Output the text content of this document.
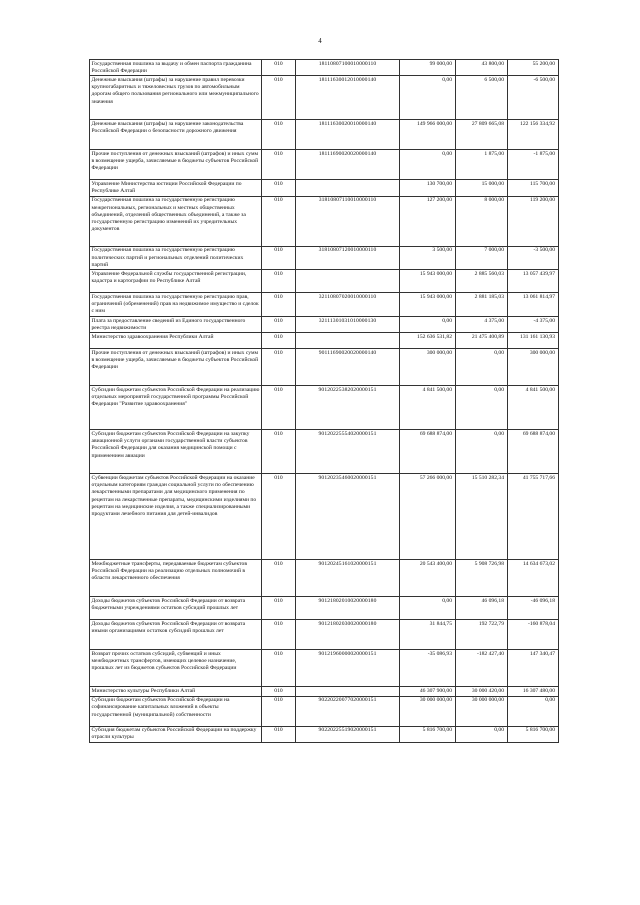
4
Государственная пошлина за выдачу и обмен паспорта гражданина Российской Федерации	010	18110807100010000110	99 000,00	43 800,00	55 200,00
Денежные взыскания (штрафы) за нарушение правил перевозки крупногабаритных и тяжеловесных грузов по автомобильным дорогам общего пользования регионального или межмуниципального значения	010	18111630012010000140	0,00	6 500,00	-6 500,00
Денежные взыскания (штрафы) за нарушение законодательства Российской Федерации о безопасности дорожного движения	010	18111630020010000140	149 966 000,00	27 809 665,08	122 156 334,92
Прочие поступления от денежных взысканий (штрафов) и иных сумм в возмещение ущерба, зачисляемые в бюджеты субъектов Российской Федерации	010	18111690020020000140	0,00	1 875,00	-1 875,00
Управление Министерства юстиции Российской Федерации по Республике Алтай	010		130 700,00	15 000,00	115 700,00
Государственная пошлина за государственную регистрацию межрегиональных, региональных и местных общественных объединений, отделений общественных объединений, а также за государственную регистрацию изменений их учредительных документов	010	31810807110010000110	127 200,00	8 000,00	119 200,00
Государственная пошлина за государственную регистрацию политических партий и региональных отделений политических партий	010	31810807120010000110	3 500,00	7 000,00	-3 500,00
Управление Федеральной службы государственной регистрации, кадастра и картографии по Республике Алтай	010		15 943 000,00	2 885 560,03	13 057 439,97
Государственная пошлина за государственную регистрацию прав, ограничений (обременений) прав на недвижимое имущество и сделок с ним	010	32110807020010000110	15 943 000,00	2 881 185,03	13 061 814,97
Плата за предоставление сведений из Единого государственного реестра недвижимости	010	32111301031010000130	0,00	4 375,00	-4 375,00
Министерство здравоохранения Республики Алтай	010		152 636 531,82	21 475 400,89	131 161 130,93
Прочие поступления от денежных взысканий (штрафов) и иных сумм в возмещение ущерба, зачисляемые в бюджеты субъектов Российской Федерации	010	90111690020020000140	300 000,00	0,00	300 000,00
Субсидии бюджетам субъектов Российской Федерации на реализацию отдельных мероприятий государственной программы Российской Федерации "Развитие здравоохранения"	010	90120225382020000151	4 841 500,00	0,00	4 841 500,00
Субсидии бюджетам субъектов Российской Федерации на закупку авиационной услуги органами государственной власти субъектов Российской Федерации для оказания медицинской помощи с применением авиации	010	90120225554020000151	69 688 874,00	0,00	69 688 874,00
Субвенции бюджетам субъектов Российской Федерации на оказание отдельным категориям граждан социальной услуги по обеспечению лекарственными препаратами для медицинского применения по рецептам на лекарственные препараты, медицинскими изделиями по рецептам на медицинские изделия, а также специализированными продуктами лечебного питания для детей-инвалидов	010	90120235460020000151	57 266 000,00	15 510 282,34	41 755 717,66
Межбюджетные трансферты, передаваемые бюджетам субъектов Российской Федерации на реализацию отдельных полномочий в области лекарственного обеспечения	010	90120245161020000151	20 543 400,00	5 908 726,98	14 634 673,02
Доходы бюджетов субъектов Российской Федерации от возврата бюджетными учреждениями остатков субсидий прошлых лет	010	90121802010020000180	0,00	46 096,18	-46 096,18
Доходы бюджетов субъектов Российской Федерации от возврата иными организациями остатков субсидий прошлых лет	010	90121802030020000180	31 844,75	192 722,79	-160 878,04
Возврат прочих остатков субсидий, субвенций и иных межбюджетных трансфертов, имеющих целевое назначение, прошлых лет из бюджетов субъектов Российской Федерации	010	90121960000020000151	-35 086,93	-182 427,40	147 340,47
Министерство культуры Республики Алтай	010		46 307 900,00	30 000 420,00	16 307 480,00
Субсидии бюджетам субъектов Российской Федерации на софинансирование капитальных вложений в объекты государственной (муниципальной) собственности	010	90220220077020000151	30 000 000,00	30 000 000,00	0,00
Субсидия бюджетам субъектов Российской Федерации на поддержку отрасли культуры	010	90220225519020000151	5 816 700,00	0,00	5 816 700,00
